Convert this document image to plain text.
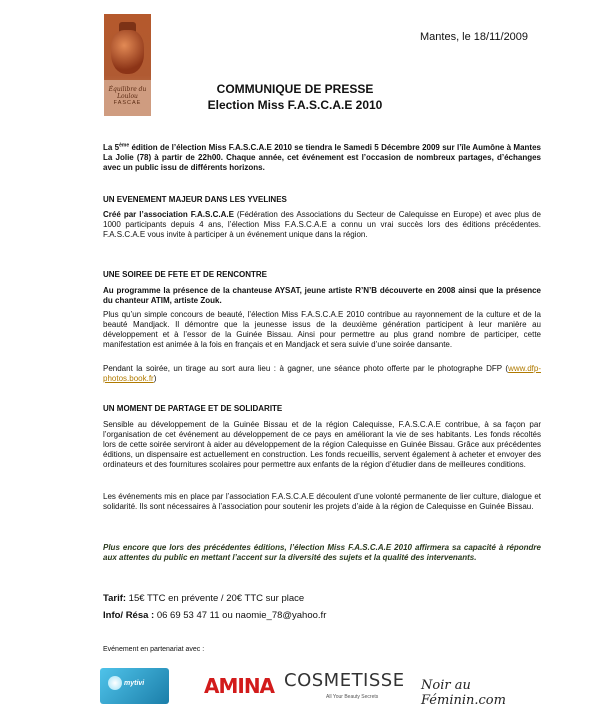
Équilibre du Loulou
FASCAE
Mantes, le 18/11/2009
COMMUNIQUE DE PRESSE
Election Miss F.A.S.C.A.E 2010
La 5ème édition de l’élection Miss F.A.S.C.A.E 2010 se tiendra le Samedi 5 Décembre 2009 sur l’île Aumône à Mantes La Jolie (78) à partir de 22h00. Chaque année, cet événement est l’occasion de nombreux partages, d’échanges avec un public issu de différents horizons.
UN EVENEMENT MAJEUR DANS LES YVELINES
Créé par l’association F.A.S.C.A.E (Fédération des Associations du Secteur de Calequisse en Europe) et avec plus de 1000 participants depuis 4 ans, l’élection Miss F.A.S.C.A.E a connu un vrai succès lors des éditions précédentes. F.A.S.C.A.E vous invite à participer à un événement unique dans la région.
UNE SOIREE DE FETE ET DE RENCONTRE
Au programme la présence de la chanteuse AYSAT, jeune artiste R’N’B découverte en 2008 ainsi que la présence du chanteur ATIM, artiste Zouk.
Plus qu’un simple concours de beauté, l’élection Miss F.A.S.C.A.E 2010 contribue au rayonnement de la culture et de la beauté Mandjack. Il démontre que la jeunesse issus de la deuxième génération participent à leur manière au développement et à l’essor de la Guinée Bissau. Ainsi pour permettre au plus grand nombre de participer, cette manifestation est animée à la fois en français et en Mandjack et sera suivie d’une soirée dansante.
Pendant la soirée, un tirage au sort aura lieu : à gagner, une séance photo offerte par le photographe DFP (www.dfp-photos.book.fr)
UN MOMENT DE PARTAGE ET DE SOLIDARITE
Sensible au développement de la Guinée Bissau et de la région Calequisse, F.A.S.C.A.E contribue, à sa façon par l’organisation de cet événement au développement de ce pays en améliorant la vie de ses habitants. Les fonds récoltés lors de cette soirée serviront à aider au développement de la région Calequisse en Guinée Bissau. Grâce aux précédentes éditions, un dispensaire est actuellement en construction. Les fonds recueillis, servent également à acheter et envoyer des ordinateurs et des fournitures scolaires pour permettre aux enfants de la région d’étudier dans de meilleures conditions.
Les événements mis en place par l’association F.A.S.C.A.E découlent d’une volonté permanente de lier culture, dialogue et solidarité. Ils sont nécessaires à l’association pour soutenir les projets d’aide à la région de Calequisse en Guinée Bissau.
Plus encore que lors des précédentes éditions, l’élection Miss F.A.S.C.A.E 2010 affirmera sa capacité à répondre aux attentes du public en mettant l’accent sur la diversité des sujets et la qualité des intervenants.
Tarif: 15€ TTC en prévente / 20€ TTC sur place
Info/ Résa : 06 69 53 47 11 ou naomie_78@yahoo.fr
Evénement en partenariat avec :
mytivi	AMINA COSMETISSE
All Your Beauty Secrets
Noir au Féminin.com
